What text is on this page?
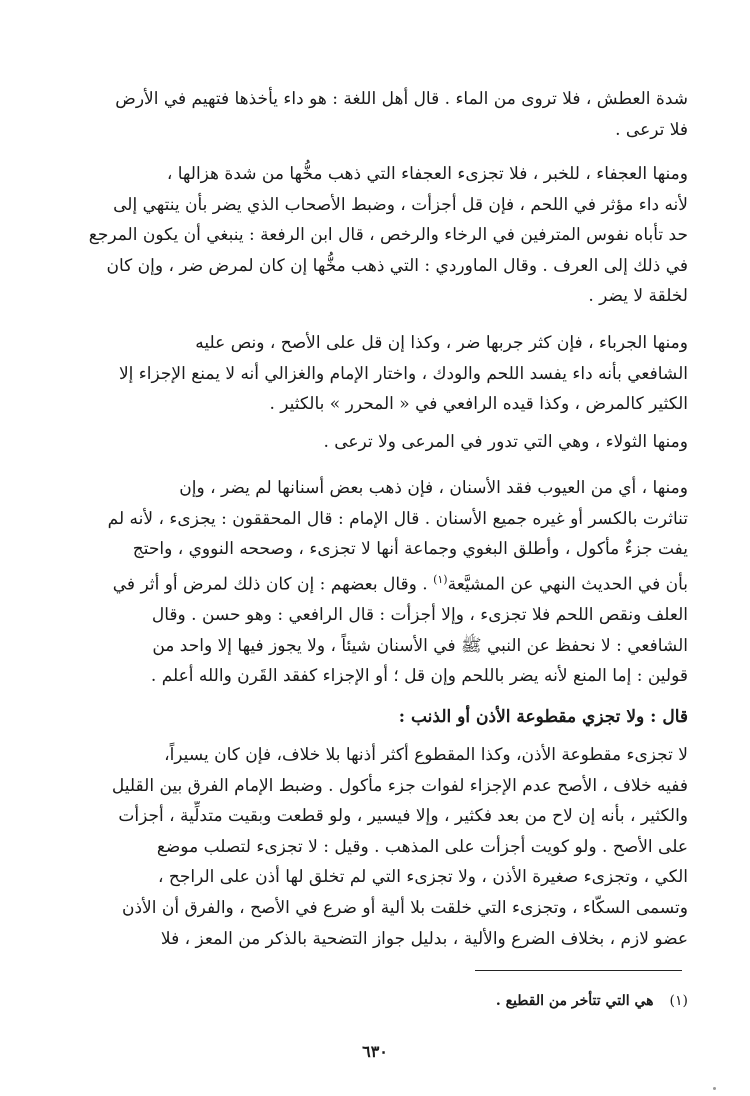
شدة العطش ، فلا تروى من الماء . قال أهل اللغة : هو داء يأخذها فتهيم في الأرض
فلا ترعى .
ومنها العجفاء ، للخبر ، فلا تجزىء العجفاء التي ذهب مخُّها من شدة هزالها ،
لأنه داء مؤثر في اللحم ، فإن قل أجزأت ، وضبط الأصحاب الذي يضر بأن ينتهي إلى
حد تأباه نفوس المترفين في الرخاء والرخص ، قال ابن الرفعة : ينبغي أن يكون المرجع
في ذلك إلى العرف . وقال الماوردي : التي ذهب مخُّها إن كان لمرض ضر ، وإن كان
لخلقة لا يضر .
ومنها الجرباء ، فإن كثر جربها ضر ، وكذا إن قل على الأصح ، ونص عليه
الشافعي بأنه داء يفسد اللحم والودك ، واختار الإمام والغزالي أنه لا يمنع الإجزاء إلا
الكثير كالمرض ، وكذا قيده الرافعي في « المحرر » بالكثير .
ومنها الثولاء ، وهي التي تدور في المرعى ولا ترعى .
ومنها ، أي من العيوب فقد الأسنان ، فإن ذهب بعض أسنانها لم يضر ، وإن
تناثرت بالكسر أو غيره جميع الأسنان . قال الإمام : قال المحققون : يجزىء ، لأنه لم
يفت جزءٌ مأكول ، وأطلق البغوي وجماعة أنها لا تجزىء ، وصححه النووي ، واحتج
بأن في الحديث النهي عن المشيَّعة$^{(١)}$ . وقال بعضهم : إن كان ذلك لمرض أو أثر في
العلف ونقص اللحم فلا تجزىء ، وإلا أجزأت : قال الرافعي : وهو حسن . وقال
الشافعي : لا نحفظ عن النبي ﷺ في الأسنان شيئاً ، ولا يجوز فيها إلا واحد من
قولين : إما المنع لأنه يضر باللحم وإن قل ؛ أو الإجزاء كفقد القَرن والله أعلم .
قال : ولا تجزي مقطوعة الأذن أو الذنب :
لا تجزىء مقطوعة الأذن، وكذا المقطوع أكثر أذنها بلا خلاف، فإن كان يسيراً،
ففيه خلاف ، الأصح عدم الإجزاء لفوات جزء مأكول . وضبط الإمام الفرق بين القليل
والكثير ، بأنه إن لاح من بعد فكثير ، وإلا فيسير ، ولو قطعت وبقيت متدلِّية ، أجزأت
على الأصح . ولو كويت أجزأت على المذهب . وقيل : لا تجزىء لتصلب موضع
الكي ، وتجزىء صغيرة الأذن ، ولا تجزىء التي لم تخلق لها أذن على الراجح ،
وتسمى السكّاء ، وتجزىء التي خلقت بلا ألية أو ضرع في الأصح ، والفرق أن الأذن
عضو لازم ، بخلاف الضرع والألية ، بدليل جواز التضحية بالذكر من المعز ، فلا
(١)هي التي تتأخر من القطيع .
٦٣٠
